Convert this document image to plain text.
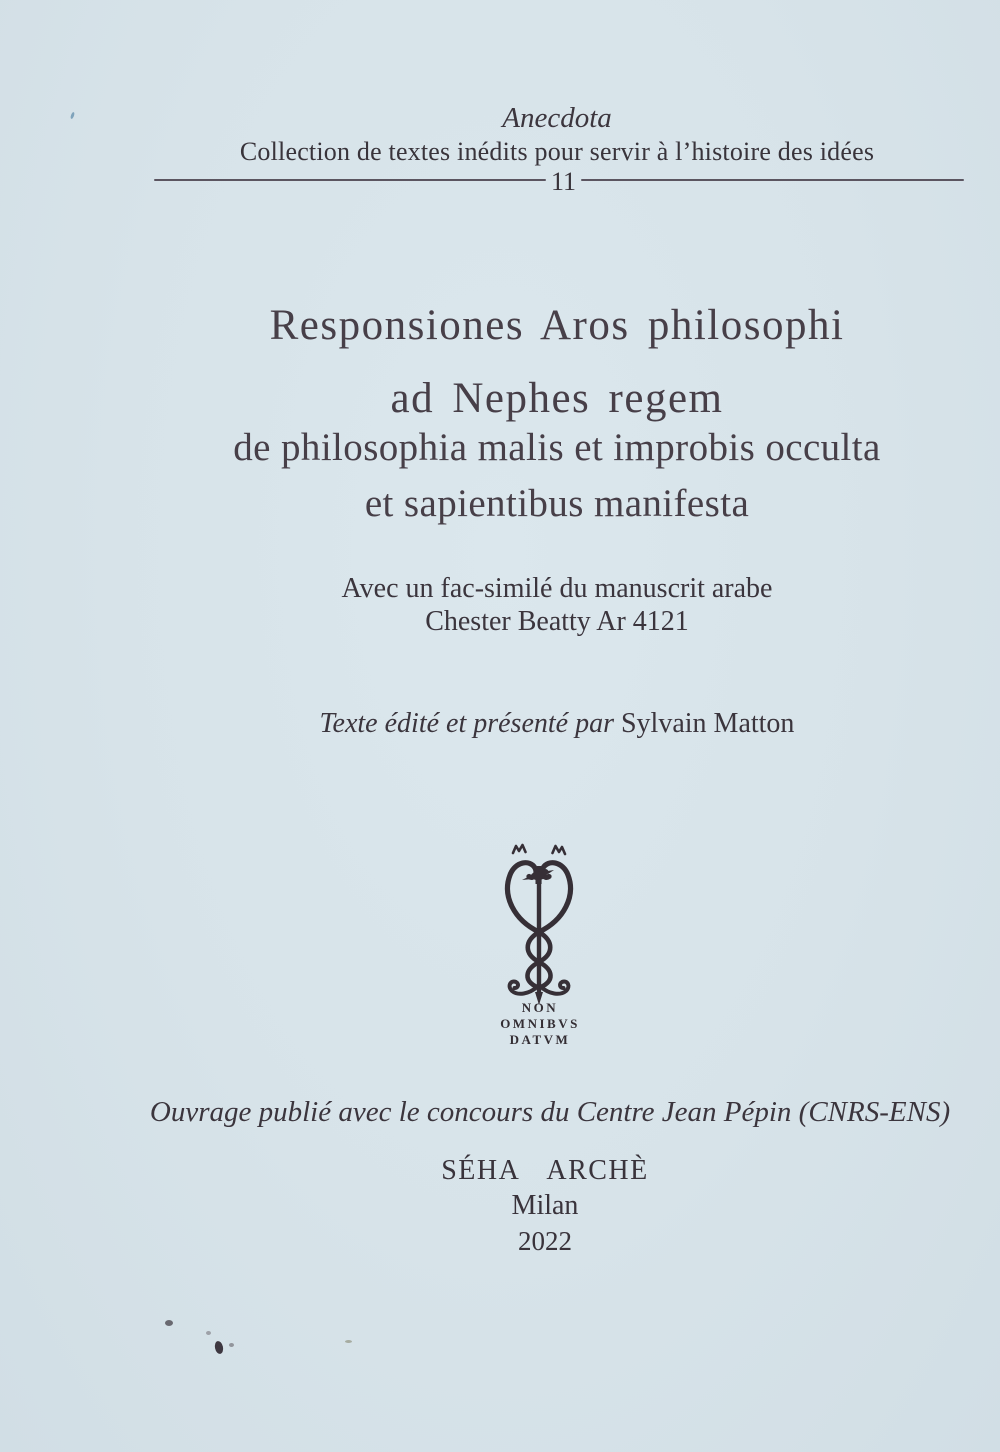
Anecdota
Collection de textes inédits pour servir à l’histoire des idées
11
Responsiones Aros philosophi
ad Nephes regem
de philosophia malis et improbis occulta
et sapientibus manifesta
Avec un fac-similé du manuscrit arabe
Chester Beatty Ar 4121
Texte édité et présenté par Sylvain Matton
NON
OMNIBVS
DATVM
Ouvrage publié avec le concours du Centre Jean Pépin (CNRS-ENS)
SÉHA ARCHÈ
Milan
2022
